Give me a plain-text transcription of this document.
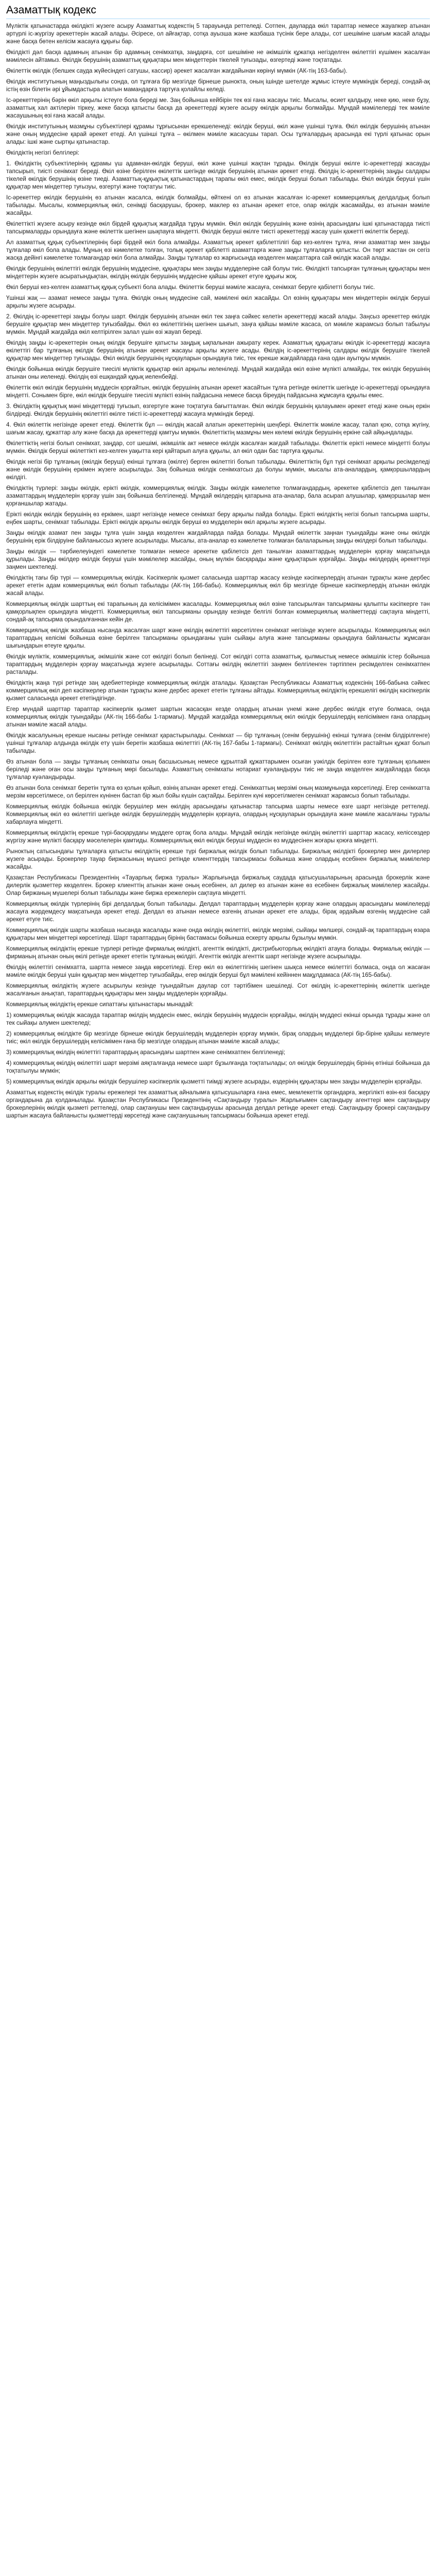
Азаматтық кодекс

Мүліктік қатынастарда өкілдікті жүзеге асыру Азаматтық кодекстің 5 тарауында реттеледі. Сотпен, дауларда өкіл тараптар немесе жауапкер атынан әртүрлі іс-жүргізу әрекеттерін жасай алады. Әсіресе, ол айғақтар, сотқа ауызша және жазбаша түсінік бере алады, сот шешіміне шағым жасай алады және басқа бөтен келісім жасауға құқығы бар.

Өкілдікті дәл басқа адамның атынан бір адамның сенімхатқа, заңдарға, сот шешіміне не әкімшілік құжатқа негізделген өкілеттігі күшімен жасалған мәмілесін айтамыз. Өкілдік берушінің азаматтық құқықтары мен міндеттерін тікелей туғызады, өзгертеді және тоқтатады.

Өкілеттік өкілдік (белшек сауда жүйесіндегі сатушы, кассир) әрекет жасалған жағдайынан көрінуі мүмкін (АК-тің 163-бабы).

Өкілдік институтының маңыздылығы сонда, ол тұлғаға бір мезгілде бірнеше рынокта, оның ішінде шетелде жұмыс істеуге мүмкіндік береді, сондай-ақ істің өзін білетін әрі ұйымдастыра алатын мамандарға тартуға қолайлы келеді.

Іс-әрекеттерінің бәрін өкіл арқылы істеуге бола береді ме. Заң бойынша кейбірін тек өзі ғана жасауы тиіс. Мысалы, өсиет қалдыру, неке қию, неке бұзу, азаматтық хал актілерін тіркеу, жеке басқа қатысты басқа да әрекеттерді жүзеге асыру өкілдік арқылы болмайды. Мұндай мәмілелерді тек мәміле жасаушының өзі ғана жасай алады.

Өкілдік институтының мазмұны субъектілері құрамы тұрғысынан ерекшеленеді: өкілдік беруші, өкіл және үшінші тұлға. Өкіл өкілдік берушінің атынан және оның мүддесіне қарай әрекет етеді. Ал үшінші тұлға – өкілмен мәміле жасасушы тарап. Осы тұлғалардың арасында екі түрлі қатынас орын алады: ішкі және сыртқы қатынастар.

Өкілдіктің негізгі белгілері:

1. Өкілдіктің субъектілерінің құрамы үш адамнан-өкілдік беруші, өкіл және үшінші жақтан тұрады. Өкілдік беруші өкілге іс-әрекеттерді жасауды тапсырып, тиісті сенімхат береді. Өкіл өзіне берілген өкілеттік шегінде өкілдік берушінің атынан әрекет етеді. Өкілдің іс-әрекеттерінің заңды салдары тікелей өкілдік берушінің өзіне тиеді. Азаматтық-құқықтық қатынастардың тарапы өкіл емес, өкілдік беруші болып табылады. Өкіл өкілдік беруші үшін құқықтар мен міндеттер туғызуы, өзгертуі және тоқтатуы тиіс.

Іс-әрекеттер өкілдік берушінің өз атынан жасалса, өкілдік болмайды, өйткені ол өз атынан жасалған іс-әрекет коммерциялық делдалдық болып табылады. Мысалы, коммерциялық өкіл, сенімді басқарушы, брокер, маклер өз атынан әрекет етсе, олар өкілдік жасамайды, өз атынан мәміле жасайды.

Өкілеттікті жүзеге асыру кезінде өкіл бірдей құқықтық жағдайда тұруы мүмкін. Өкіл өкілдік берушінің және өзінің арасындағы ішкі қатынастарда тиісті тапсырмаларды орындауға және өкілеттік шегінен шықпауға міндетті. Өкілдік беруші өкілге тиісті әрекеттерді жасау үшін қажетті өкілеттік береді.

Ал азаматтық құқық субъектілерінің бәрі бірдей өкіл бола алмайды. Азаматтық әрекет қабілеттілігі бар кез-келген тұлға, яғни азаматтар мен заңды тұлғалар өкіл бола алады. Мұның өзі кәмелетке толған, толық әрекет қабілетті азаматтарға және заңды тұлғаларға қатысты. Он төрт жастан он сегіз жасқа дейінгі кәмелетке толмағандар өкіл бола алмайды. Заңды тұлғалар өз жарғысында көзделген мақсаттарға сай өкілдік жасай алады.

Өкілдік берушінің өкілеттігі өкілдік берушінің мүддесіне, құқықтары мен заңды мүдделеріне сай болуы тиіс. Өкілдікті тапсырған тұлғаның құқықтары мен міндеттерін жүзеге асыратындықтан, өкілдің өкілдік берушінің мүддесіне қайшы әрекет етуге құқығы жоқ.

Өкіл беруші кез-келген азаматтық құқық субъекті бола алады. Өкілеттік беруші мәміле жасауға, сенімхат беруге қабілетті болуы тиіс.

Үшінші жақ — азамат немесе заңды тұлға. Өкілдік оның мүддесіне сай, мәмілені өкіл жасайды. Ол өзінің құқықтары мен міндеттерін өкілдік беруші арқылы жүзеге асырады.

2. Өкілдің іс-әрекеттері заңды болуы шарт. Өкілдік берушінің атынан өкіл тек заңға сәйкес келетін әрекеттерді жасай алады. Заңсыз әрекеттер өкілдік берушіге құқықтар мен міндеттер туғызбайды. Өкіл өз өкілеттігінің шегінен шығып, заңға қайшы мәміле жасаса, ол мәміле жарамсыз болып табылуы мүмкін. Мұндай жағдайда өкіл келтірілген залал үшін өзі жауап береді.

Өкілдің заңды іс-әрекеттерін оның өкілдік берушіге қатысты заңдық ықпалынан ажырату керек. Азаматтық құқықтағы өкілдік іс-әрекеттерді жасауға өкілеттігі бар тұлғаның өкілдік берушінің атынан әрекет жасауы арқылы жүзеге асады. Өкілдің іс-әрекеттерінің салдары өкілдік берушіге тікелей құқықтар мен міндеттер туғызады. Өкіл өкілдік берушінің нұсқауларын орындауға тиіс, тек ерекше жағдайларда ғана одан ауытқуы мүмкін.

Өкілдік бойынша өкілдік берушіге тиесілі мүліктік құқықтар өкіл арқылы иеленіледі. Мұндай жағдайда өкіл өзіне мүлікті алмайды, тек өкілдік берушінің атынан оны иеленеді. Өкілдің өзі ешқандай құқық иеленбейді.

Өкілеттік өкіл өкілдік берушінің мүддесін қорғайтын, өкілдік берушінің атынан әрекет жасайтын тұлға ретінде өкілеттік шегінде іс-әрекеттерді орындауға міндетті. Сонымен бірге, өкіл өкілдік берушіге тиесілі мүлікті өзінің пайдасына немесе басқа біреудің пайдасына жұмсауға құқылы емес.

3. Өкілдіктің құқықтық мәні міндеттерді туғызып, өзгертуге және тоқтатуға бағытталған. Өкіл өкілдік берушінің қалауымен әрекет етеді және оның еркін білдіреді. Өкілдік берушінің өкілеттігі өкілге тиісті іс-әрекеттерді жасауға мүмкіндік береді.

4. Өкіл өкілеттік негізінде әрекет етеді. Өкілеттік бұл — өкілдің жасай алатын әрекеттерінің шеңбері. Өкілеттік мәміле жасау, талап қою, сотқа жүгіну, шағым жасау, құжаттар алу және басқа да әрекеттерді қамтуы мүмкін. Өкілеттіктің мазмұны мен көлемі өкілдік берушінің еркіне сай айқындалады.

Өкілеттіктің негізі болып сенімхат, заңдар, сот шешімі, әкімшілік акт немесе өкілдік жасалған жағдай табылады. Өкілеттік ерікті немесе міндетті болуы мүмкін. Өкілдік беруші өкілеттікті кез-келген уақытта кері қайтарып алуға құқылы, ал өкіл одан бас тартуға құқылы.

Өкілдік негізі бір тұлғаның (өкілдік беруші) екінші тұлғаға (өкілге) берген өкілеттігі болып табылады. Өкілеттіктің бұл түрі сенімхат арқылы ресімделеді және өкілдік берушінің еркімен жүзеге асырылады. Заң бойынша өкілдік сенімхатсыз да болуы мүмкін, мысалы ата-аналардың, қамқоршылардың өкілдігі.

Өкілдіктің түрлері: заңды өкілдік, ерікті өкілдік, коммерциялық өкілдік. Заңды өкілдік кәмелетке толмағандардың, әрекетке қабілетсіз деп танылған азаматтардың мүдделерін қорғау үшін заң бойынша белгіленеді. Мұндай өкілдердің қатарына ата-аналар, бала асырап алушылар, қамқоршылар мен қорғаншылар жатады.

Ерікті өкілдік өкілдік берушінің өз еркімен, шарт негізінде немесе сенімхат беру арқылы пайда болады. Ерікті өкілдіктің негізі болып тапсырма шарты, еңбек шарты, сенімхат табылады. Ерікті өкілдік арқылы өкілдік беруші өз мүдделерін өкіл арқылы жүзеге асырады.

Заңды өкілдік азамат пен заңды тұлға үшін заңда көзделген жағдайларда пайда болады. Мұндай өкілеттік заңнан туындайды және оны өкілдік берушінің ерік білдіруіне байланыссыз жүзеге асырылады. Мысалы, ата-аналар өз кәмелетке толмаған балаларының заңды өкілдері болып табылады.

Заңды өкілдік — тәрбиелеуіндегі кәмелетке толмаған немесе әрекетке қабілетсіз деп танылған азаматтардың мүдделерін қорғау мақсатында құрылады. Заңды өкілдер өкілдік беруші үшін мәмілелер жасайды, оның мүлкін басқарады және құқықтарын қорғайды. Заңды өкілдердің әрекеттері заңмен шектеледі.

Өкілдіктің тағы бір түрі — коммерциялық өкілдік. Кәсіпкерлік қызмет саласында шарттар жасасу кезінде кәсіпкерлердің атынан тұрақты және дербес әрекет ететін адам коммерциялық өкіл болып табылады (АК-тің 166-бабы). Коммерциялық өкіл бір мезгілде бірнеше кәсіпкерлердің атынан өкілдік жасай алады.

Коммерциялық өкілдік шарттың екі тарапының да келісімімен жасалады. Коммерциялық өкіл өзіне тапсырылған тапсырманы қалыпты кәсіпкерге тән қамқорлықпен орындауға міндетті. Коммерциялық өкіл тапсырманы орындау кезінде белгілі болған коммерциялық мәліметтерді сақтауға міндетті, сондай-ақ тапсырма орындалғаннан кейін де.

Коммерциялық өкілдік жазбаша нысанда жасалған шарт және өкілдің өкілеттігі көрсетілген сенімхат негізінде жүзеге асырылады. Коммерциялық өкіл тараптардың келісімі бойынша өзіне берілген тапсырманы орындағаны үшін сыйақы алуға және тапсырманы орындауға байланысты жұмсаған шығындарын өтеуге құқылы.

Өкілдік мүліктік, коммерциялық, әкімшілік және сот өкілдігі болып бөлінеді. Сот өкілдігі сотта азаматтық, қылмыстық немесе әкімшілік істер бойынша тараптардың мүдделерін қорғау мақсатында жүзеге асырылады. Соттағы өкілдің өкілеттігі заңмен белгіленген тәртіппен ресімделген сенімхатпен расталады.

Өкілдіктің жаңа түрі ретінде заң әдебиеттерінде коммерциялық өкілдік аталады. Қазақстан Республикасы Азаматтық кодексінің 166-бабына сәйкес коммерциялық өкіл деп кәсіпкерлер атынан тұрақты және дербес әрекет ететін тұлғаны айтады. Коммерциялық өкілдіктің ерекшелігі өкілдің кәсіпкерлік қызмет саласында әрекет ететіндігінде.

Егер мүндай шарттар тараптар кәсіпкерлік қызмет шартын жасасқан кезде олардың атынан үнемі және дербес өкілдік етуге болмаса, онда коммерциялық өкілдік туындайды (АК-тің 166-бабы 1-тармағы). Мұндай жағдайда коммерциялық өкіл өкілдік берушілердің келісімімен ғана олардың атынан мәміле жасай алады.

Өкілдік жасалуының ерекше нысаны ретінде сенімхат қарастырылады. Сенімхат — бір тұлғаның (сенім берушінің) екінші тұлғаға (сенім білдірілгенге) үшінші тұлғалар алдында өкілдік ету үшін беретін жазбаша өкілеттігі (АК-тің 167-бабы 1-тармағы). Сенімхат өкілдің өкілеттігін растайтын құжат болып табылады.

Өз атынан бола — заңды тұлғаның сенімхаты оның басшысының немесе құрылтай құжаттарымен осыған уәкілдік берілген өзге тұлғаның қолымен беріледі және оған осы заңды тұлғаның мөрі басылады. Азаматтың сенімхаты нотариат куәландыруы тиіс не заңда көзделген жағдайларда басқа тұлғалар куәландырады.

Өз атынан бола сенімхат беретін тұлға өз қолын қойып, өзінің атынан әрекет етеді. Сенімхаттың мерзімі оның мазмұнында көрсетіледі. Егер сенімхатта мерзім көрсетілмесе, ол берілген күнінен бастап бір жыл бойы күшін сақтайды. Берілген күні көрсетілмеген сенімхат жарамсыз болып табылады.

Коммерциялық өкілдік бойынша өкілдік берушілер мен өкілдің арасындағы қатынастар тапсырма шарты немесе өзге шарт негізінде реттеледі. Коммерциялық өкіл өз өкілеттігі шегінде өкілдік берушілердің мүдделерін қорғауға, олардың нұсқауларын орындауға және мәміле жасалғаны туралы хабарлауға міндетті.

Коммерциялық өкілдіктің ерекше түрі-басқарудағы мүддеге ортақ бола алады. Мұндай өкілдік негізінде өкілдің өкілеттігі шарттар жасасу, келіссөздер жүргізу және мүлікті басқару мәселелерін қамтиды. Коммерциялық өкіл өкілдік беруші мүддесін өз мүддесінен жоғары қоюға міндетті.

Рыноктың сатысындағы тұлғаларға қатысты өкілдіктің ерекше түрі биржалық өкілдік болып табылады. Биржалық өкілдікті брокерлер мен дилерлер жүзеге асырады. Брокерлер тауар биржасының мүшесі ретінде клиенттердің тапсырмасы бойынша және олардың есебінен биржалық мәмілелер жасайды.

Қазақстан Республикасы Президентінің «Тауарлық биржа туралы» Жарлығында биржалық саудада қатысушыларының арасында брокерлік және дилерлік қызметтер көзделген. Брокер клиенттің атынан және оның есебінен, ал дилер өз атынан және өз есебінен биржалық мәмілелер жасайды. Олар биржаның мүшелері болып табылады және биржа ережелерін сақтауға міндетті.

Коммерциялық өкілдік түрлерінің бірі делдалдық болып табылады. Делдал тараптардың мүдделерін қорғау және олардың арасындағы мәмілелерді жасауға жәрдемдесу мақсатында әрекет етеді. Делдал өз атынан немесе өзгенің атынан әрекет ете алады, бірақ әрдайым өзгенің мүддесіне сай әрекет етуге тиіс.

Коммерциялық өкілдік шарты жазбаша нысанда жасалады және онда өкілдің өкілеттігі, өкілдік мерзімі, сыйақы мөлшері, сондай-ақ тараптардың өзара құқықтары мен міндеттері көрсетіледі. Шарт тараптардың бірінің бастамасы бойынша ескерту арқылы бұзылуы мүмкін.

Коммерциялық өкілдіктің ерекше түрлері ретінде фирмалық өкілдікті, агенттік өкілдікті, дистрибьюторлық өкілдікті атауға болады. Фирмалық өкілдік — фирманың атынан оның өкілі ретінде әрекет ететін тұлғаның өкілдігі. Агенттік өкілдік агенттік шарт негізінде жүзеге асырылады.

Өкілдің өкілеттігі сенімхатта, шартта немесе заңда көрсетіледі. Егер өкіл өз өкілеттігінің шегінен шықса немесе өкілеттігі болмаса, онда ол жасаған мәміле өкілдік беруші үшін құқықтар мен міндеттер туғызбайды, егер өкілдік беруші бұл мәмілені кейіннен мақұлдамаса (АК-тің 165-бабы).

Коммерциялық өкілдіктің жүзеге асырылуы кезінде туындайтын даулар сот тәртібімен шешіледі. Сот өкілдің іс-әрекеттерінің өкілеттік шегінде жасалғанын анықтап, тараптардың құқықтары мен заңды мүдделерін қорғайды.

Коммерциялық өкілдіктің ерекше сипаттағы қатынастары мынадай:

1) коммерциялық өкілдік жасауда тараптар өкілдің мүддесін емес, өкілдік берушінің мүддесін қорғайды, өкілдің мүддесі екінші орында тұрады және ол тек сыйақы алумен шектеледі;

2) коммерциялық өкілдікте бір мезгілде бірнеше өкілдік берушілердің мүдделерін қорғау мүмкін, бірақ олардың мүдделері бір-біріне қайшы келмеуге тиіс; өкіл өкілдік берушілердің келісімімен ғана бір мезгілде олардың атынан мәміле жасай алады;

3) коммерциялық өкілдің өкілеттігі тараптардың арасындағы шартпен және сенімхатпен белгіленеді;

4) коммерциялық өкілдің өкілеттігі шарт мерзімі аяқталғанда немесе шарт бұзылғанда тоқтатылады; ол өкілдік берушілердің бірінің өтініші бойынша да тоқтатылуы мүмкін;

5) коммерциялық өкілдік арқылы өкілдік берушілер кәсіпкерлік қызметті тиімді жүзеге асырады, өздерінің құқықтары мен заңды мүдделерін қорғайды.

Азаматтық кодекстің өкілдік туралы ережелері тек азаматтық айналымға қатысушыларға ғана емес, мемлекеттік органдарға, жергілікті өзін-өзі басқару органдарына да қолданылады. Қазақстан Республикасы Президентінің «Сақтандыру туралы» Жарлығымен сақтандыру агенттері мен сақтандыру брокерлерінің өкілдік қызметі реттеледі, олар сақтанушы мен сақтандырушы арасында делдал ретінде әрекет етеді. Сақтандыру брокері сақтандыру шартын жасауға байланысты қызметтерді көрсетеді және сақтанушының тапсырмасы бойынша әрекет етеді.
